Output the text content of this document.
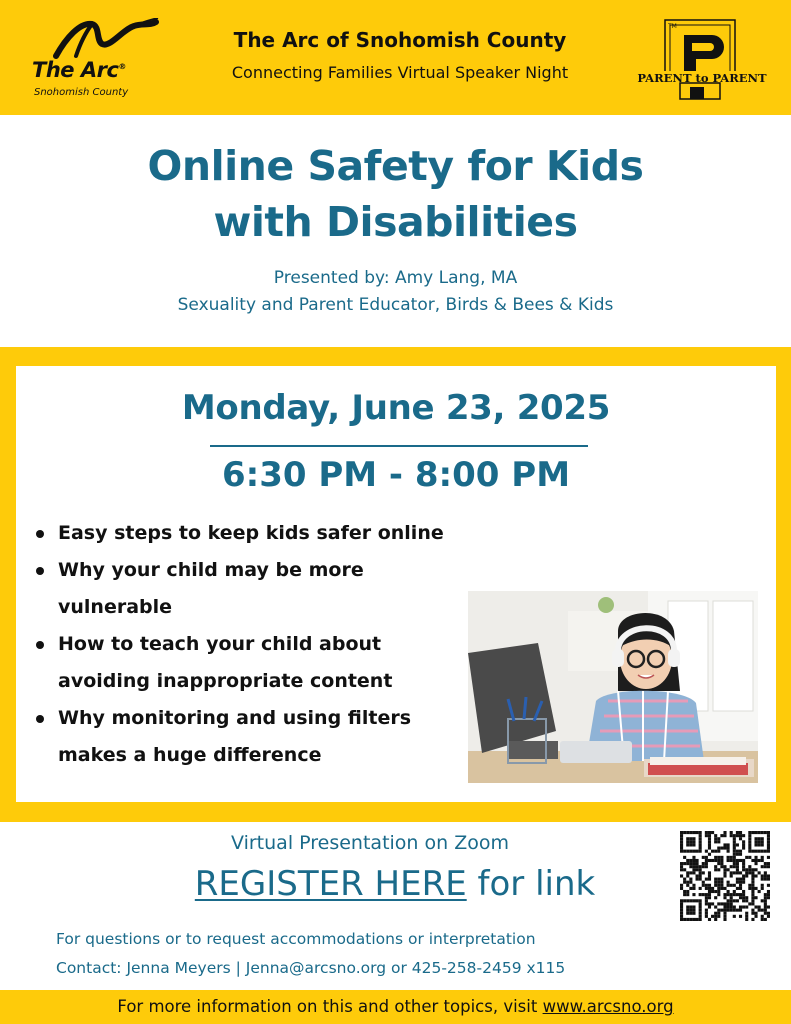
The Arc®
Snohomish County
The Arc of Snohomish County
Connecting Families Virtual Speaker Night
TM
PARENT to PARENT
Online Safety for Kids
with Disabilities
Presented by: Amy Lang, MA
Sexuality and Parent Educator, Birds & Bees & Kids
Monday, June 23, 2025
6:30 PM - 8:00 PM
Easy steps to keep kids safer online
Why your child may be more vulnerable
How to teach your child about avoiding inappropriate content
Why monitoring and using filters makes a huge difference
Virtual Presentation on Zoom
REGISTER HERE for link
For questions or to request accommodations or interpretation
Contact: Jenna Meyers | Jenna@arcsno.org or 425-258-2459 x115
For more information on this and other topics, visit www.arcsno.org
